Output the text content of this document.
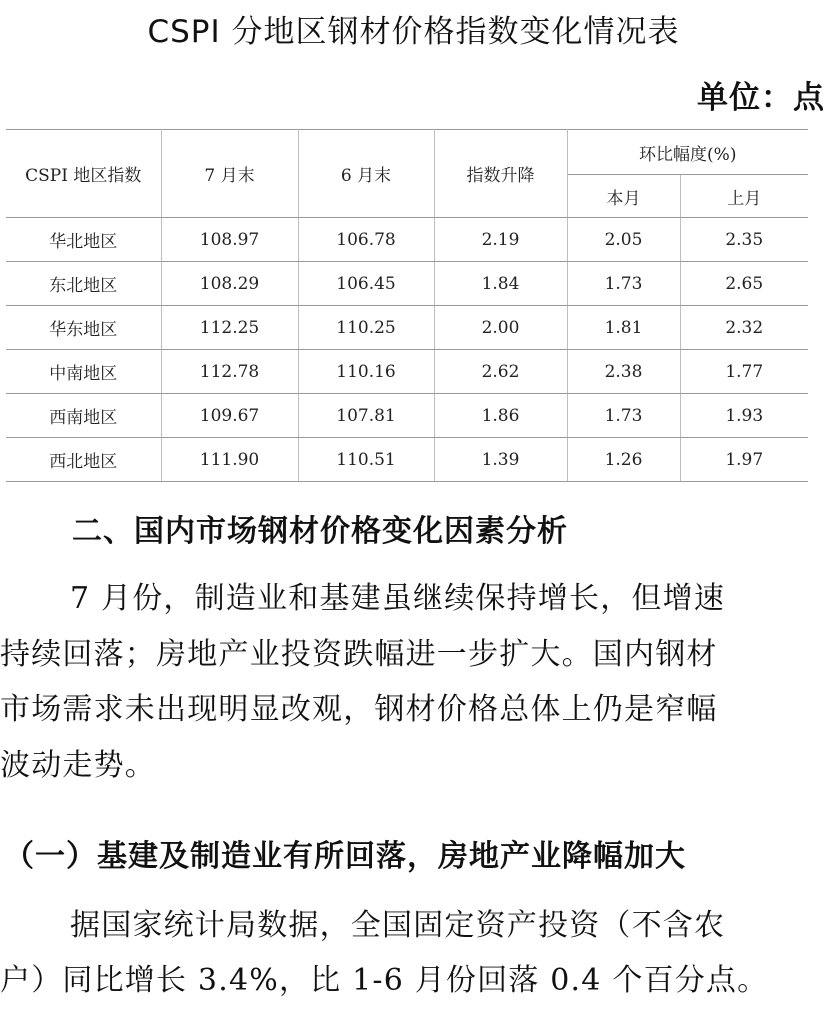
CSPI 分地区钢材价格指数变化情况表
单位：点
CSPI 地区指数	7 月末	6 月末	指数升降	环比幅度(%)	
				本月	上月
华北地区	108.97	106.78	2.19	2.05	2.35
东北地区	108.29	106.45	1.84	1.73	2.65
华东地区	112.25	110.25	2.00	1.81	2.32
中南地区	112.78	110.16	2.62	2.38	1.77
西南地区	109.67	107.81	1.86	1.73	1.93
西北地区	111.90	110.51	1.39	1.26	1.97
二、国内市场钢材价格变化因素分析
7 月份，制造业和基建虽继续保持增长，但增速
持续回落；房地产业投资跌幅进一步扩大。国内钢材
市场需求未出现明显改观，钢材价格总体上仍是窄幅
波动走势。
（一）基建及制造业有所回落，房地产业降幅加大
据国家统计局数据，全国固定资产投资（不含农
户）同比增长 3.4%，比 1-6 月份回落 0.4 个百分点。
